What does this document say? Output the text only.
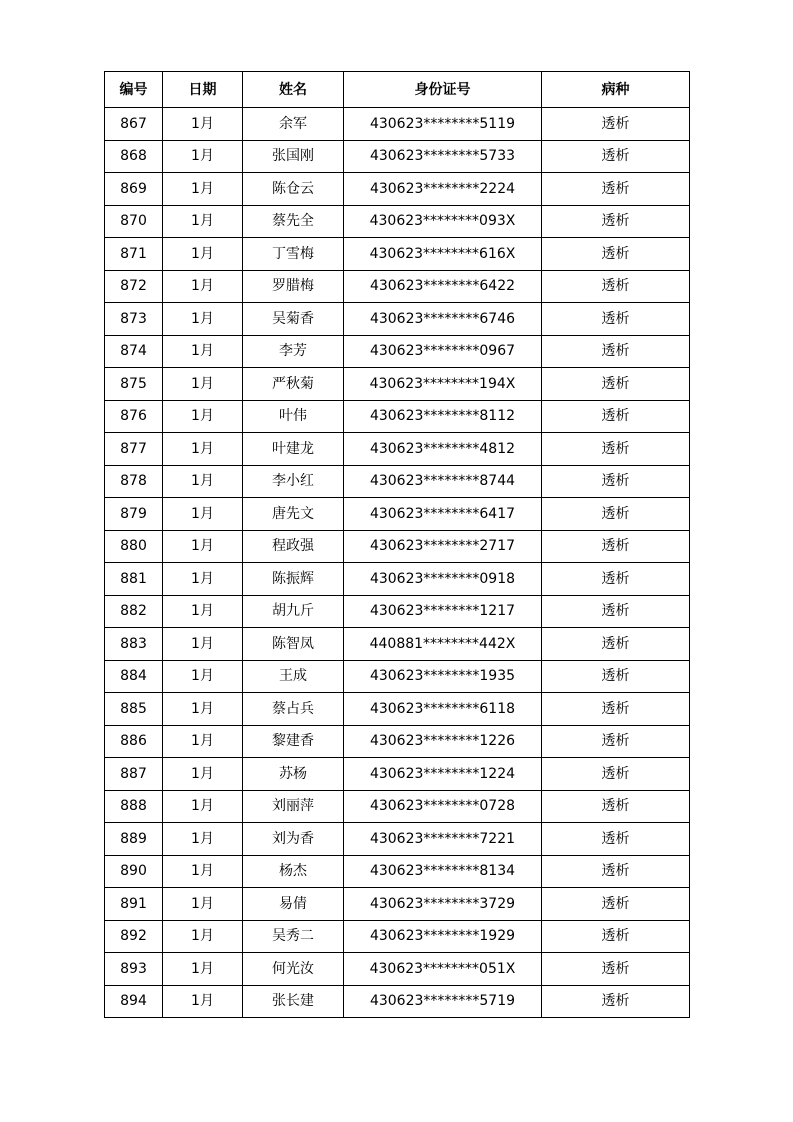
编号	日期	姓名	身份证号	病种
867	1月	余军	430623********5119	透析
868	1月	张国刚	430623********5733	透析
869	1月	陈仓云	430623********2224	透析
870	1月	蔡先全	430623********093X	透析
871	1月	丁雪梅	430623********616X	透析
872	1月	罗腊梅	430623********6422	透析
873	1月	吴菊香	430623********6746	透析
874	1月	李芳	430623********0967	透析
875	1月	严秋菊	430623********194X	透析
876	1月	叶伟	430623********8112	透析
877	1月	叶建龙	430623********4812	透析
878	1月	李小红	430623********8744	透析
879	1月	唐先文	430623********6417	透析
880	1月	程政强	430623********2717	透析
881	1月	陈振辉	430623********0918	透析
882	1月	胡九斤	430623********1217	透析
883	1月	陈智凤	440881********442X	透析
884	1月	王成	430623********1935	透析
885	1月	蔡占兵	430623********6118	透析
886	1月	黎建香	430623********1226	透析
887	1月	苏杨	430623********1224	透析
888	1月	刘丽萍	430623********0728	透析
889	1月	刘为香	430623********7221	透析
890	1月	杨杰	430623********8134	透析
891	1月	易倩	430623********3729	透析
892	1月	吴秀二	430623********1929	透析
893	1月	何光汝	430623********051X	透析
894	1月	张长建	430623********5719	透析
